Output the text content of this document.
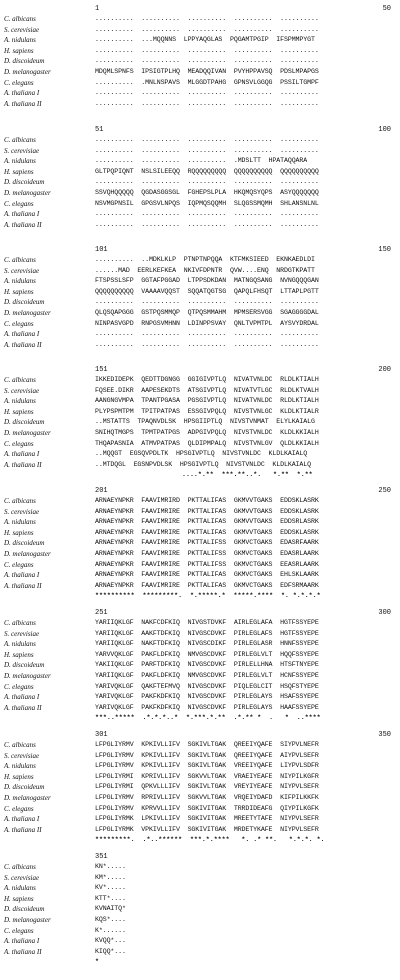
1	50
C. albicans	..........  ..........  ..........  ..........  ..........
S. cerevisiae	..........  ..........  ..........  ..........  ..........
A. nidulans	..........  ...MQQNNS  LPPYAQGLAS  PQGAMTPGIP  IFSPMMPYGT
H. sapiens	..........  ..........  ..........  ..........  ..........
D. discoideum	..........  ..........  ..........  ..........  ..........
D. melanogaster	MDQMLSPNFS  IPSIGTPLHQ  MEADQQIVAN  PVYHPPAVSQ  PDSLMPAPGS
C. elegans	..........  .MNLNSPAVS  MLGGDTPAHG  GPNSVLGGQG  PSSILTGMPF
A. thaliana I	..........  ..........  ..........  ..........  ..........
A. thaliana II	..........  ..........  ..........  ..........  ..........
51	100
C. albicans	..........  ..........  ..........  ..........  ..........
S. cerevisiae	..........  ..........  ..........  ..........  ..........
A. nidulans	..........  ..........  ..........  .MDSLTT  HPATAQQARA
H. sapiens	GLTPQPIQNT  NSLSILEEQQ  RQQQQQQQQQ  QQQQQQQQQQ  QQQQQQQQQQ
D. discoideum	..........  ..........  ..........  ..........  ..........
D. melanogaster	SSVQHQQQQQ  QGDASGGSGL  FGHEPSLPLA  HKQMQSYQPS  ASYQQQQQQQ
C. elegans	NSVMGPNSIL  GPGSVLNPQS  IQPMQSQQMH  SLQGSSMQMH  SHLANSNLNL
A. thaliana I	..........  ..........  ..........  ..........  ..........
A. thaliana II	..........  ..........  ..........  ..........  ..........
101	150
C. albicans	..........  ..MDKLKLP  PTNPTNPQQA  KTFMKSIEED  EKNKAEDLDI
S. cerevisiae	......MAD  EERLKEFKEA  NKIVFDPNTR  QVW....ENQ  NRDGTKPATT
A. nidulans	FTSPSSLSFP  GGTAFPGGAD  LTPPSDKDAN  MATNGQSANG  NVNGQQQGAN
H. sapiens	QQQQQQQQQQ  VAAAAVQQST  SQQATQGTSG  QAPQLFHSQT  LTTAPLPGTT
D. discoideum	..........  ..........  ..........  ..........  ..........
D. melanogaster	QLQSQAPGGG  GSTPQSMMQP  QTPQSMMAHM  MPMSERSVGG  SGAGGGGDAL
C. elegans	NINPASVGPD  RNPGSVMHNN  LDINPPSVAY  QNLTVPMTPL  AYSVYDRDAL
A. thaliana I	..........  ..........  ..........  ..........  ..........
A. thaliana II	..........  ..........  ..........  ..........  ..........
151	200
C. albicans	IKKEDIDEPK  QEDTTDGNGG  GGIGIVPTLQ  NIVATVNLDC  RLDLKTIALH
S. cerevisiae	FQSEE.DIKR  AAPESEKDTS  ATSGIVPTLQ  NIVATVTLGC  RLDLKTVALH
A. nidulans	AANGNGVMPA  TPANTPGASA  PGSGIVPTLQ  NIVATVNLDC  RLDLKTIALH
H. sapiens	PLYPSPMTPM  TPITPATPAS  ESSGIVPQLQ  NIVSTVNLGC  KLDLKTIALR
D. discoideum	..MSTATTS  TPAQNVDLSK  HPSGIIPTLQ  NIVSTVNMAT  ELYLKAIALG
D. melanogaster	SNIHQTMGPS  TPMTPATPGS  ADPGIVPQLQ  NIVSTVNLDC  KLDLKKIALH
C. elegans	THQAPASNIA  ATMVPATPAS  QLDIPMPALQ  NIVSTVNLGV  QLDLKKIALH
A. thaliana I	..MQQGT  EGSQVPDLTK  HPSGIVPTLQ  NIVSTVNLDC  KLDLKAIALQ
A. thaliana II	..MTDQGL  EGSNPVDLSK  HPSGIVPTLQ  NIVSTVNLDC  KLDLKAIALQ
....*.**  ***.**..*.   *.**  *.**
201	250
C. albicans	ARNAEYNPKR  FAAVIMRIRD  PKTTALIFAS  GKMVVTGAKS  EDDSKLASRK
S. cerevisiae	ARNAEYNPKR  FAAVIMRIRE  PKTTALIFAS  GKMVVTGAKS  EDDSKLASRK
A. nidulans	ARNAEYNPKR  FAAVIMRIRE  PKTTALIFAS  GKMVVTGAKS  EDDSRLASRK
H. sapiens	ARNAEYNPKR  FAAVIMRIRE  PKTTALIFAS  GKMVVTGAKS  EDDSKLASRK
D. discoideum	ARNAEYNPKR  FAAVIMRIRE  PKTTALIFSS  GKMVCTGAKS  EDASRFAARK
D. melanogaster	ARNAEYNPKR  FAAVIMRIRE  PKTTALIFSS  GKMVCTGAKS  EDASRLAARK
C. elegans	ARNAEYNPKR  FAAVIMRIRE  PKTTALIFSS  GKMVCTGAKS  EEASRLAARK
A. thaliana I	ARNAEYNPKR  FAAVIMRIRE  PKTTALIFAS  GKMVCTGAKS  EHLSKLAARK
A. thaliana II	ARNAEYNPKR  FAAVIMRIRE  PKTTALIFAS  GKMVCTGAKS  EDFSRMAARK
**********  *********.  *.*****.*  *****.****  *. *.*.*.*
251	300
C. albicans	YARIIQKLGF  NAKFCDFKIQ  NIVGSTDVKF  AIRLEGLAFA  HGTFSSYEPE
S. cerevisiae	YARIIQKLGF  AAKFTDFKIQ  NIVGSCDVKF  PIRLEGLAFS  HGTFSSYEPE
A. nidulans	YARIIQKLGF  NAKFTDFKIQ  NIVGSCDIKF  PIRLEGLASR  HNNFSSYEPE
H. sapiens	YARVVQKLGF  PAKFLDFKIQ  NMVGSCDVKF  PIRLEGLVLT  HQQFSSYEPE
D. discoideum	YAKIIQKLGF  PARFTDFKIQ  NIVGSCDVKF  PIRLELLHNA  HTSFTNYEPE
D. melanogaster	YARIIQKLGF  PAKFLDFKIQ  NMVGSCDVKF  PIRLEGLVLT  HCNFSSYEPE
C. elegans	YARIVQKLGF  QAKFTEFMVQ  NIVGSCDVKF  PIQLEGLCIT  HSQFSTYEPE
A. thaliana I	YARIVQKLGF  PAKFKDFKIQ  NIVGSCDVKF  PIRLEGLAYS  HSAFSSYEPE
A. thaliana II	YARIVQKLGF  PAKFKDFKIQ  NIVGSCDVKF  PIRLEGLAYS  HAAFSSYEPE
***..*****  .*.*.*..*  *.***.*.**  .*.** *  .   *  ..****
301	350
C. albicans	LFPGLIYRMV  KPKIVLLIFV  SGKIVLTGAK  QREEIYQAFE  SIYPVLNEFR
S. cerevisiae	LFPGLIYRMV  KPKIVLLIFV  SGKIVLTGAK  QREEIYQAFE  AIYPVLSEFR
A. nidulans	LFPGLIYRMV  KPKIVLLIFV  SGKIVLTGAK  VREEIYQAFE  LIYPVLSDFR
H. sapiens	LFPGLIYRMI  KPRIVLLIFV  SGKVVLTGAK  VRAEIYEAFE  NIYPILKGFR
D. discoideum	LFPGLIYRMI  QPKVLLLIFV  SGKIVLTGAK  VREYIYEAFE  NIYPVLSEFR
D. melanogaster	LFPGLIYRMV  RPRIVLLIFV  SGKVVLTGAK  VRQEIYDAFD  KIFPILKKFK
C. elegans	LFPGLIYRMV  KPRVVLLIFV  SGKIVITGAK  TRRDIDEAFG  QIYPILKGFK
A. thaliana I	LFPGLIYRMK  LPKIVLLIFV  SGKIVITGAK  MREETYTAFE  NIYPVLSEFR
A. thaliana II	LFPGLIYRMK  VPKIVLLIFV  SGKIVITGAK  MRDETYKAFE  NIYPVLSEFR
*********.  .*..******  ***.*.****   *. .* **.   *.*.*. *.
351
C. albicans	KN*.....
S. cerevisiae	KM*.....
A. nidulans	KV*.....
H. sapiens	KTT*....
D. discoideum	KVNAITQ*
D. melanogaster	KQS*....
C. elegans	K*......
A. thaliana I	KVQQ*...
A. thaliana II	KIQQ*...
*
